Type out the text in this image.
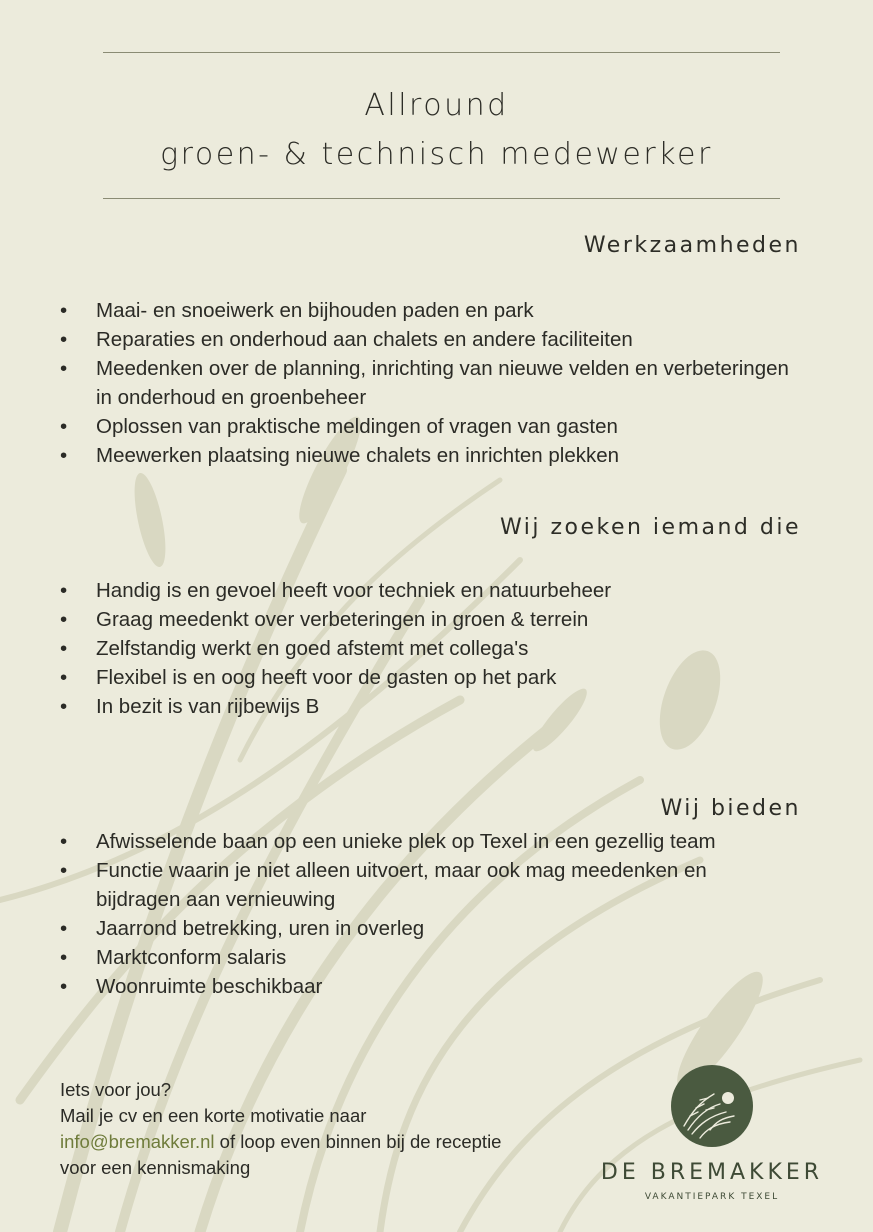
Allround
groen- & technisch medewerker
Werkzaamheden
• Maai- en snoeiwerk en bijhouden paden en park
• Reparaties en onderhoud aan chalets en andere faciliteiten
• Meedenken over de planning, inrichting van nieuwe velden en verbeteringen in onderhoud en groenbeheer
• Oplossen van praktische meldingen of vragen van gasten
• Meewerken plaatsing nieuwe chalets en inrichten plekken
Wij zoeken iemand die
• Handig is en gevoel heeft voor techniek en natuurbeheer
• Graag meedenkt over verbeteringen in groen & terrein
• Zelfstandig werkt en goed afstemt met collega's
• Flexibel is en oog heeft voor de gasten op het park
• In bezit is van rijbewijs B
Wij bieden
• Afwisselende baan op een unieke plek op Texel in een gezellig team
• Functie waarin je niet alleen uitvoert, maar ook mag meedenken en bijdragen aan vernieuwing
• Jaarrond betrekking, uren in overleg
• Marktconform salaris
• Woonruimte beschikbaar
Iets voor jou?
Mail je cv en een korte motivatie naar
info@bremakker.nl of loop even binnen bij de receptie
voor een kennismaking	DE BREMAKKER
VAKANTIEPARK TEXEL
